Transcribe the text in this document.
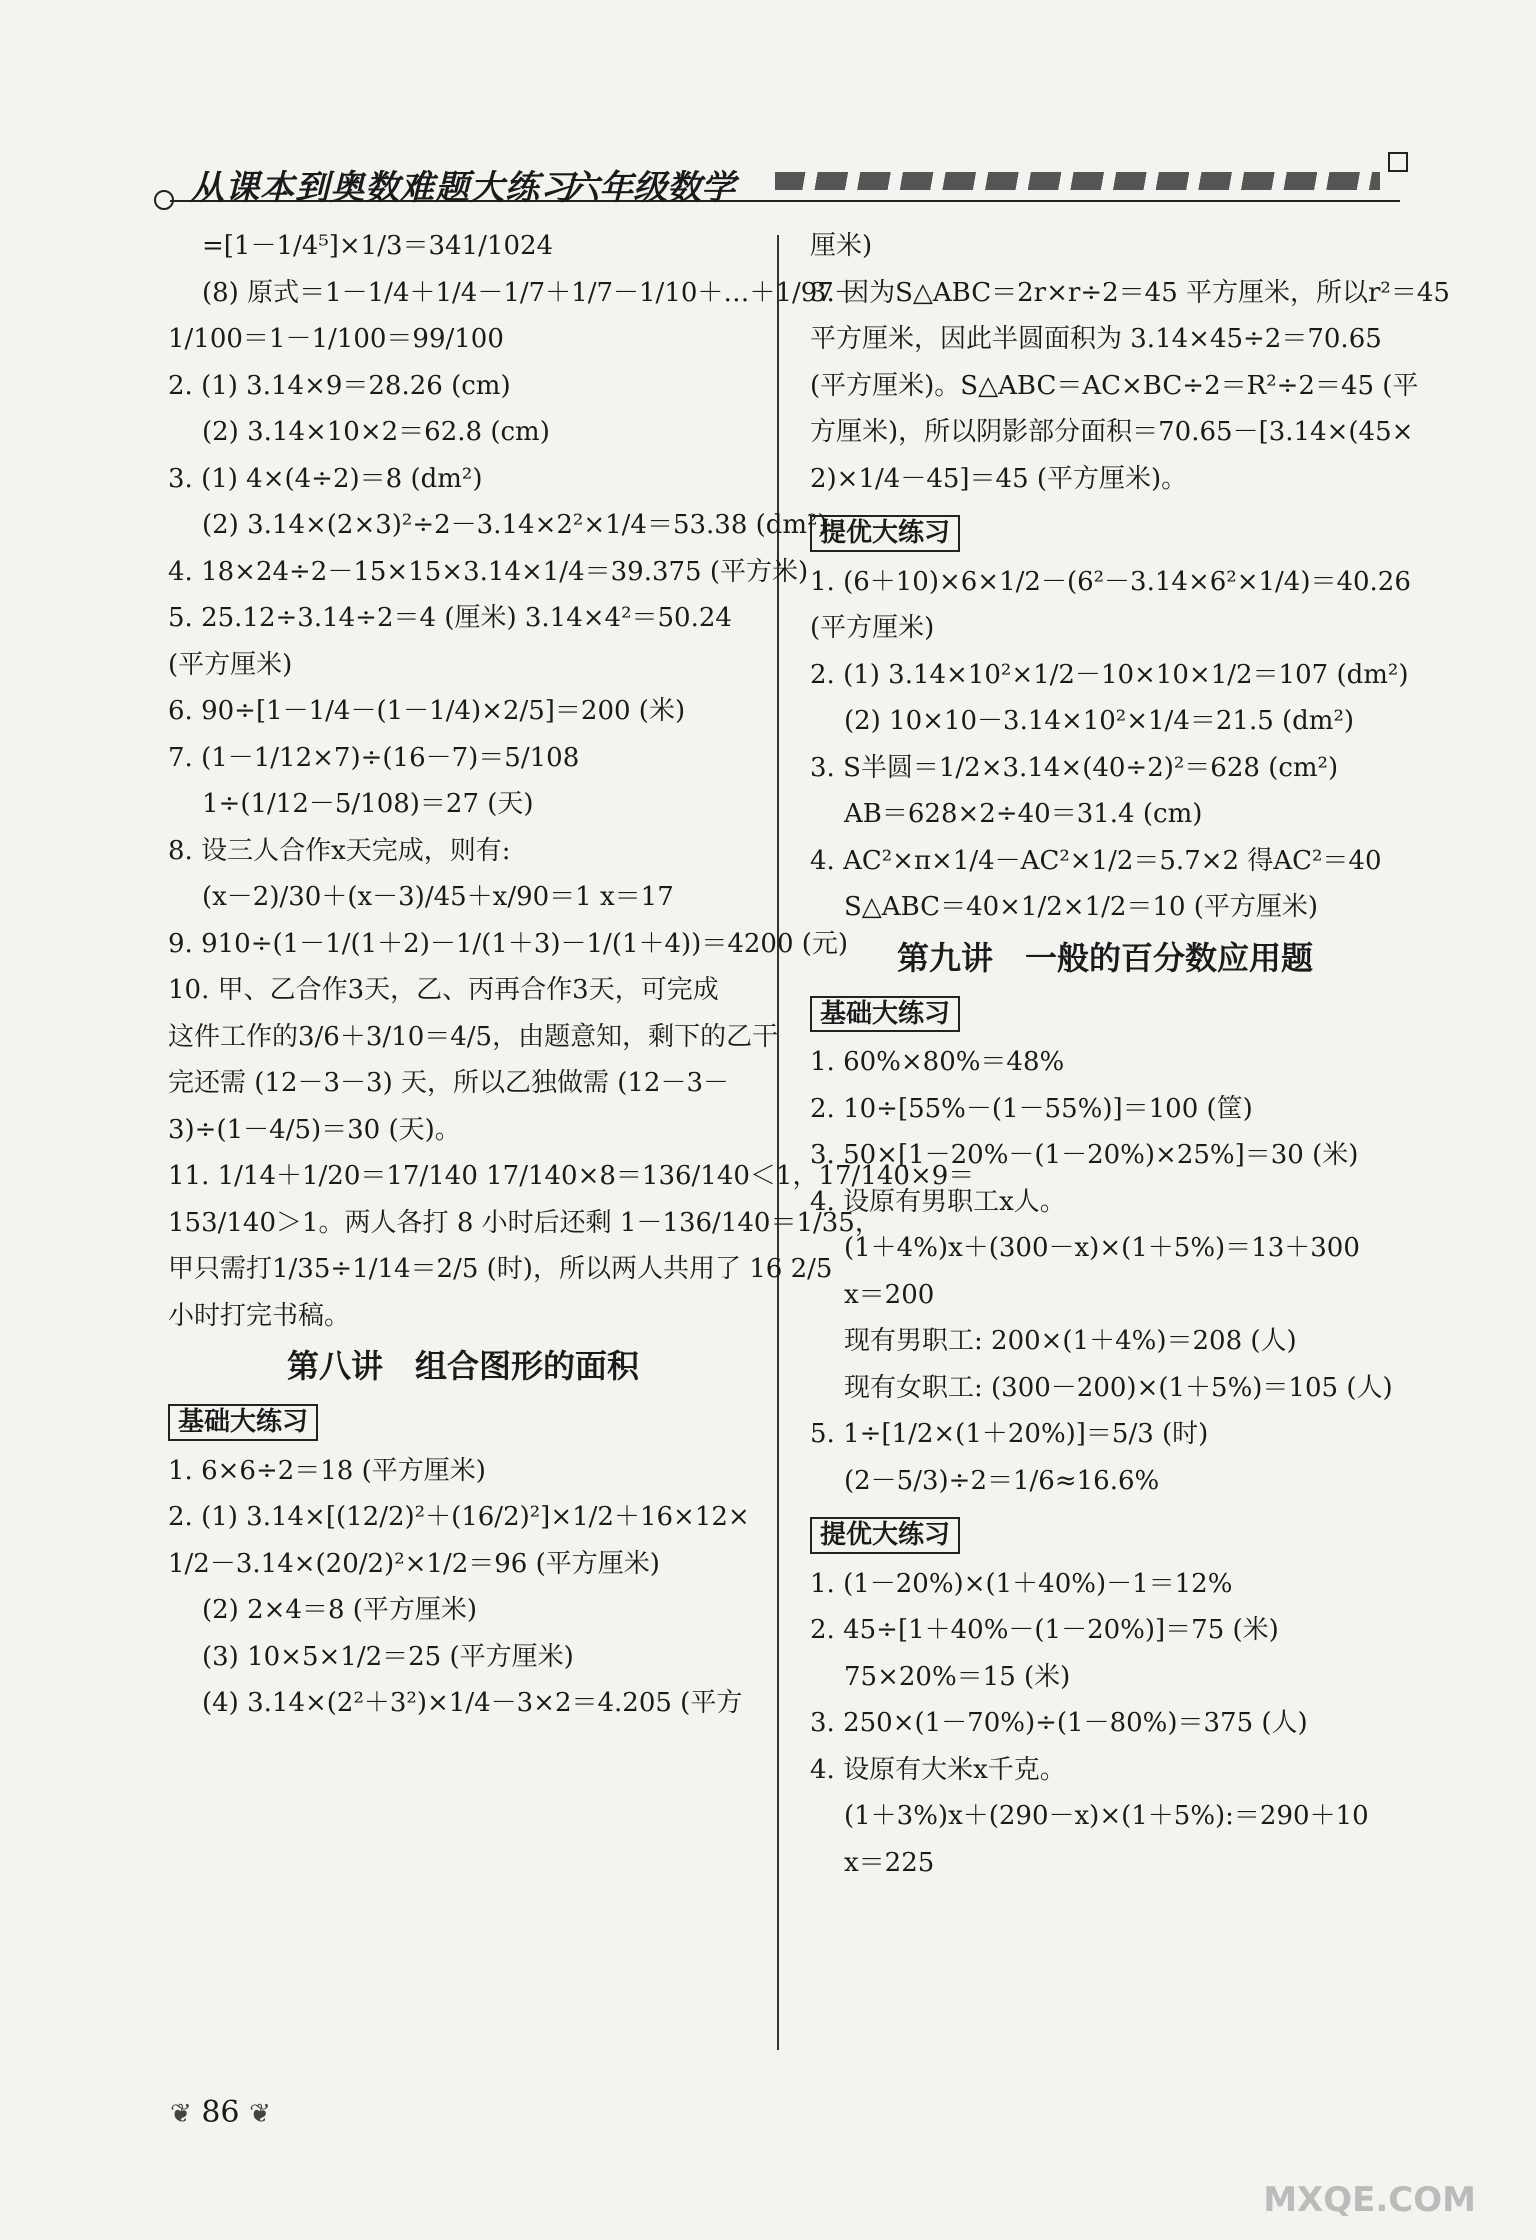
从课本到奥数难题大练习
六年级数学
=[1－1/4⁵]×1/3＝341/1024
(8) 原式＝1－1/4＋1/4－1/7＋1/7－1/10＋…＋1/97－
1/100＝1－1/100＝99/100
2. (1) 3.14×9＝28.26 (cm)
(2) 3.14×10×2＝62.8 (cm)
3. (1) 4×(4÷2)＝8 (dm²)
(2) 3.14×(2×3)²÷2－3.14×2²×1/4＝53.38 (dm²)
4. 18×24÷2－15×15×3.14×1/4＝39.375 (平方米)
5. 25.12÷3.14÷2＝4 (厘米) 3.14×4²＝50.24
(平方厘米)
6. 90÷[1－1/4－(1－1/4)×2/5]＝200 (米)
7. (1－1/12×7)÷(16－7)＝5/108
1÷(1/12－5/108)＝27 (天)
8. 设三人合作x天完成，则有:
(x－2)/30＋(x－3)/45＋x/90＝1 x＝17
9. 910÷(1－1/(1＋2)－1/(1＋3)－1/(1＋4))＝4200 (元)
10. 甲、乙合作3天，乙、丙再合作3天，可完成
这件工作的3/6＋3/10＝4/5，由题意知，剩下的乙干
完还需 (12－3－3) 天，所以乙独做需 (12－3－
3)÷(1－4/5)＝30 (天)。
11. 1/14＋1/20＝17/140 17/140×8＝136/140＜1，17/140×9＝
153/140＞1。两人各打 8 小时后还剩 1－136/140＝1/35，
甲只需打1/35÷1/14＝2/5 (时)，所以两人共用了 16 2/5
小时打完书稿。
第八讲　组合图形的面积
基础大练习
1. 6×6÷2＝18 (平方厘米)
2. (1) 3.14×[(12/2)²＋(16/2)²]×1/2＋16×12×
1/2－3.14×(20/2)²×1/2＝96 (平方厘米)
(2) 2×4＝8 (平方厘米)
(3) 10×5×1/2＝25 (平方厘米)
(4) 3.14×(2²＋3²)×1/4－3×2＝4.205 (平方
厘米)
3. 因为S△ABC＝2r×r÷2＝45 平方厘米，所以r²＝45
平方厘米，因此半圆面积为 3.14×45÷2＝70.65
(平方厘米)。S△ABC＝AC×BC÷2＝R²÷2＝45 (平
方厘米)，所以阴影部分面积＝70.65－[3.14×(45×
2)×1/4－45]＝45 (平方厘米)。
提优大练习
1. (6＋10)×6×1/2－(6²－3.14×6²×1/4)＝40.26
(平方厘米)
2. (1) 3.14×10²×1/2－10×10×1/2＝107 (dm²)
(2) 10×10－3.14×10²×1/4＝21.5 (dm²)
3. S半圆＝1/2×3.14×(40÷2)²＝628 (cm²)
AB＝628×2÷40＝31.4 (cm)
4. AC²×π×1/4－AC²×1/2＝5.7×2 得AC²＝40
S△ABC＝40×1/2×1/2＝10 (平方厘米)
第九讲　一般的百分数应用题
基础大练习
1. 60%×80%＝48%
2. 10÷[55%－(1－55%)]＝100 (筐)
3. 50×[1－20%－(1－20%)×25%]＝30 (米)
4. 设原有男职工x人。
(1＋4%)x＋(300－x)×(1＋5%)＝13＋300
x＝200
现有男职工: 200×(1＋4%)＝208 (人)
现有女职工: (300－200)×(1＋5%)＝105 (人)
5. 1÷[1/2×(1＋20%)]＝5/3 (时)
(2－5/3)÷2＝1/6≈16.6%
提优大练习
1. (1－20%)×(1＋40%)－1＝12%
2. 45÷[1＋40%－(1－20%)]＝75 (米)
75×20%＝15 (米)
3. 250×(1－70%)÷(1－80%)＝375 (人)
4. 设原有大米x千克。
(1＋3%)x＋(290－x)×(1＋5%):＝290＋10
x＝225
❦ 86 ❦
MXQE.COM
